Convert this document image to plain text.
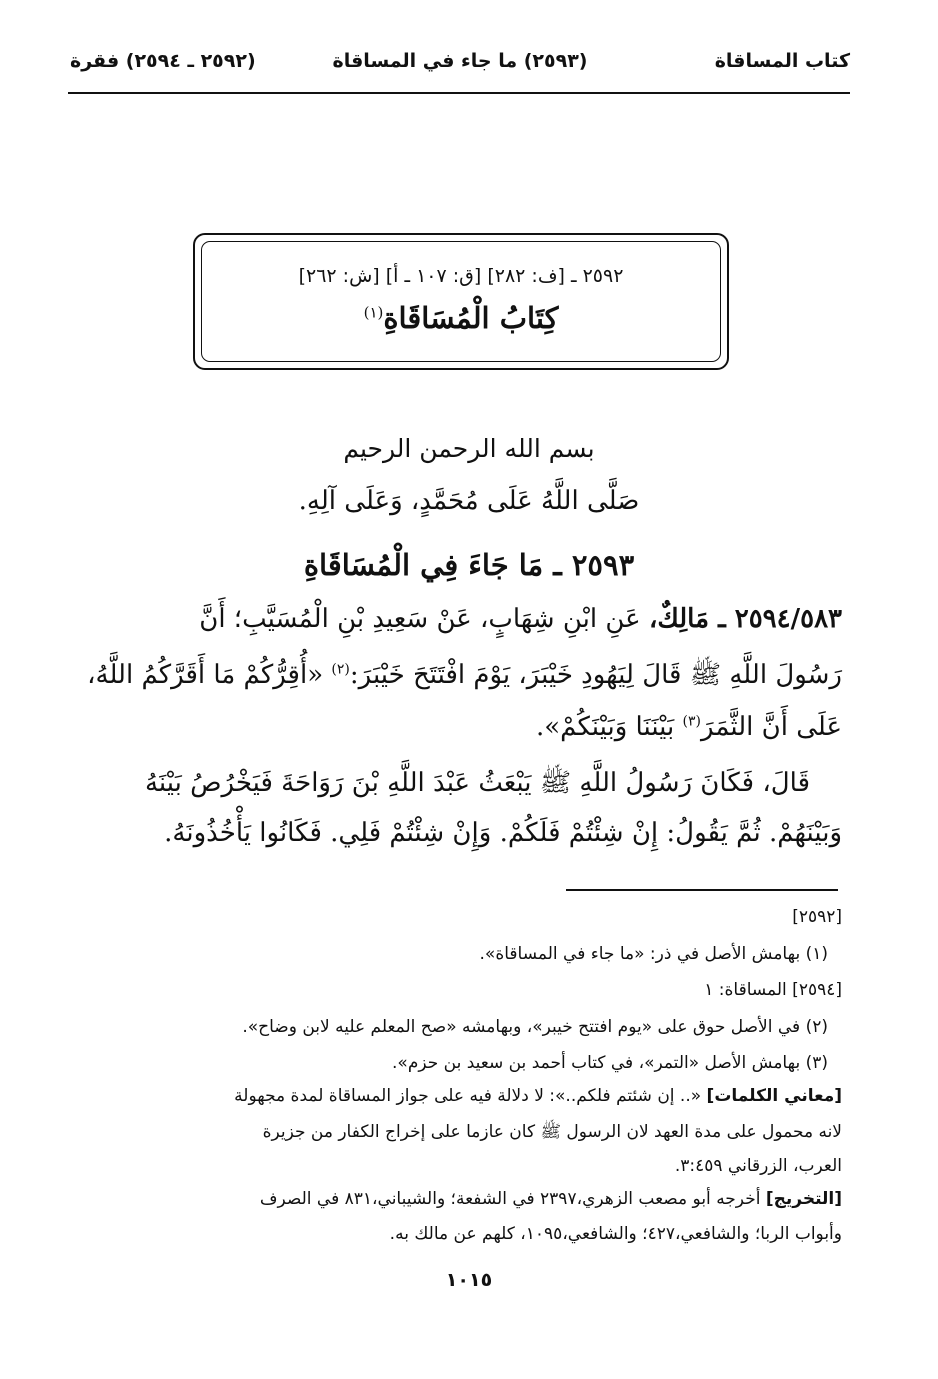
كتاب المساقاة
(٢٥٩٣) ما جاء في المساقاة
(٢٥٩٢ ـ ٢٥٩٤) فقرة
٢٥٩٢ ـ [ف: ٢٨٢] [ق: ١٠٧ ـ أ] [ش: ٢٦٢]
كِتَابُ الْمُسَاقَاةِ$^{(١)}$
بسم الله الرحمن الرحيم
صَلَّى اللَّهُ عَلَى مُحَمَّدٍ، وَعَلَى آلِهِ.
٢٥٩٣ ـ مَا جَاءَ فِي الْمُسَاقَاةِ
٢٥٩٤/٥٨٣ ـ مَالِكٌ، عَنِ ابْنِ شِهَابٍ، عَنْ سَعِيدِ بْنِ الْمُسَيَّبِ؛ أَنَّ
رَسُولَ اللَّهِ ﷺ قَالَ لِيَهُودِ خَيْبَرَ، يَوْمَ افْتَتَحَ خَيْبَرَ:$^{(٢)}$ «أُقِرُّكُمْ مَا أَقَرَّكُمُ اللَّهُ،
عَلَى أَنَّ الثَّمَرَ$^{(٣)}$ بَيْنَنَا وَبَيْنَكُمْ».
قَالَ، فَكَانَ رَسُولُ اللَّهِ ﷺ يَبْعَثُ عَبْدَ اللَّهِ بْنَ رَوَاحَةَ فَيَخْرُصُ بَيْنَهُ
وَبَيْنَهُمْ. ثُمَّ يَقُولُ: إِنْ شِئْتُمْ فَلَكُمْ. وَإِنْ شِئْتُمْ فَلِي. فَكَانُوا يَأْخُذُونَهُ.
[٢٥٩٢]
(١) بهامش الأصل في ذر: «ما جاء في المساقاة».
[٢٥٩٤] المساقاة: ١
(٢) في الأصل حوق على «يوم افتتح خيبر»، وبهامشه «صح المعلم عليه لابن وضاح».
(٣) بهامش الأصل «التمر»، في كتاب أحمد بن سعيد بن حزم».
[معاني الكلمات] «.. إن شئتم فلكم..»: لا دلالة فيه على جواز المساقاة لمدة مجهولة
لانه محمول على مدة العهد لان الرسول ﷺ كان عازما على إخراج الكفار من جزيرة
العرب، الزرقاني ٣:٤٥٩.
[التخريج] أخرجه أبو مصعب الزهري،٢٣٩٧ في الشفعة؛ والشيباني،٨٣١ في الصرف
وأبواب الربا؛ والشافعي،٤٢٧؛ والشافعي،١٠٩٥، كلهم عن مالك به.
١٠١٥
